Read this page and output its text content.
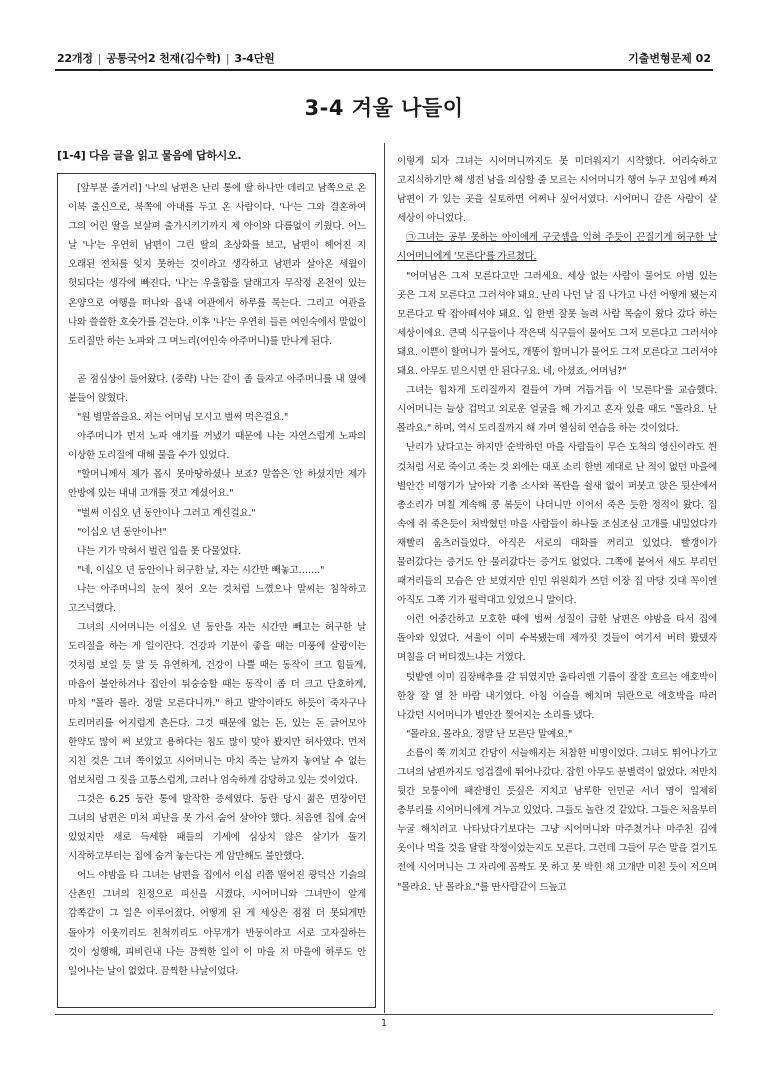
22개정 | 공통국어2 천재(김수학) | 3-4단원	기출변형문제 02
3-4 겨울 나들이
[1-4] 다음 글을 읽고 물음에 답하시오.

[앞부분 줄거리] '나'의 남편은 난리 통에 딸 하나만 데리고 남쪽으로 온 이북 출신으로, 북쪽에 아내를 두고 온 사람이다. '나'는 그와 결혼하여 그의 어린 딸을 보살펴 출가시키기까지 제 아이와 다름없이 키웠다. 어느 날 '나'는 우연히 남편이 그린 딸의 초상화를 보고, 남편이 헤어진 지 오래된 전처를 잊지 못하는 것이라고 생각하고 남편과 살아온 세월이 헛되다는 생각에 빠진다. '나'는 우울함을 달래고자 무작정 온천이 있는 온양으로 여행을 떠나와 읍내 여관에서 하루를 묵는다. 그리고 여관을 나와 쓸쓸한 호숫가를 걷는다. 이후 '나'는 우연히 들른 여인숙에서 말없이 도리질만 하는 노파와 그 며느리(여인숙 아주머니)를 만나게 된다.

곧 점심상이 들어왔다. (중략) 나는 같이 좀 들자고 아주머니를 내 옆에 붙들어 앉혔다.

"원 별말씀을요. 저는 어머님 모시고 벌써 먹은걸요."

아주머니가 먼저 노파 얘기를 꺼냈기 때문에 나는 자연스럽게 노파의 이상한 도리질에 대해 물을 수가 있었다.

"할머니께서 제가 몹시 못마땅하셨나 보죠? 말씀은 안 하셨지만 제가 안방에 있는 내내 고개를 젓고 계셨어요."

"벌써 이십오 년 동안이나 그러고 계신걸요."

"이십오 년 동안이나!"

나는 기가 막혀서 벌린 입을 못 다물었다.

"네, 이십오 년 동안이나 허구한 날, 자는 시간만 빼놓고……."

나는 아주머니의 눈이 젖어 오는 것처럼 느꼈으나 말씨는 침착하고 고즈넉했다.

그녀의 시어머니는 이십오 년 동안을 자는 시간만 빼고는 허구한 날 도리질을 하는 게 일이란다. 건강과 기분이 좋을 때는 미풍에 살랑이는 것처럼 보일 듯 말 듯 유연하게, 건강이 나쁠 때는 동작이 크고 힘들게, 마음이 불안하거나 집안이 뒤숭숭할 때는 동작이 좀 더 크고 단호하게, 마치 "몰라 몰라. 정말 모른다니까." 하고 발악이라도 하듯이 죽자구나 도리머리를 어지럽게 흔든다. 그것 때문에 없는 돈, 있는 돈 긁어모아 한약도 많이 써 보았고 용하다는 침도 많이 맞아 봤지만 허사였다. 먼저 지친 것은 그녀 쪽이었고 시어머니는 마치 죽는 날까지 놓여날 수 없는 업보처럼 그 짓을 고통스럽게, 그러나 엄숙하게 감당하고 있는 것이었다.

그것은 6.25 동란 통에 발작한 증세였다. 동란 당시 젊은 면장이던 그녀의 남편은 미처 피난을 못 가서 숨어 살아야 했다. 처음엔 집에 숨어 있었지만 새로 득세한 패들의 기세에 심상치 않은 살기가 돌기 시작하고부터는 집에 숨겨 놓는다는 게 암만해도 불안했다.

어느 야밤을 타 그녀는 남편을 집에서 이십 리쯤 떨어진 광덕산 기슭의 산촌인 그녀의 친정으로 피신을 시켰다. 시어머니와 그녀만이 알게 감쪽같이 그 일은 이루어졌다. 어떻게 된 게 세상은 점점 더 못되게만 돌아가 이웃끼리도 친척끼리도 아무개가 반동이라고 서로 고자질하는 것이 성행해, 피비린내 나는 끔찍한 일이 이 마을 저 마을에 하루도 안 일어나는 날이 없었다. 끔찍한 나날이었다.

이렇게 되자 그녀는 시어머니까지도 못 미더워지기 시작했다. 어리숙하고 고지식하기만 해 생전 남을 의심할 줄 모르는 시어머니가 행여 누구 꼬임에 빠져 남편이 가 있는 곳을 실토하면 어쩌나 싶어서였다. 시어머니 같은 사람이 살 세상이 아니었다.

㉠그녀는 공부 못하는 아이에게 구굿셈을 익혀 주듯이 끈질기게 허구한 날 시어머니에게 '모른다'를 가르쳤다.

"어머님은 그저 모른다고만 그러세요. 세상 없는 사람이 물어도 아범 있는 곳은 그저 모른다고 그러셔야 돼요. 난리 나던 날 집 나가고 나선 어떻게 됐는지 모른다고 딱 잡아떼셔야 돼요. 입 한번 잘못 놀려 사람 목숨이 왔다 갔다 하는 세상이에요. 큰댁 식구들이나 작은댁 식구들이 물어도 그저 모른다고 그러셔야 돼요. 이쁜이 할머니가 물어도, 개똥이 할머니가 물어도 그저 모른다고 그러셔야 돼요. 아무도 믿으시면 안 된다구요. 네, 아셨죠, 어머님?"

그녀는 힘차게 도리질까지 곁들여 가며 거듭거듭 이 '모른다'를 교습했다. 시어머니는 늘상 겁먹고 외로운 얼굴을 해 가지고 혼자 있을 때도 "몰라요. 난 몰라요." 하며, 역시 도리질까지 해 가며 열심히 연습을 하는 것이었다.

난리가 났다고는 하지만 순박하던 마을 사람들이 무슨 도척의 영신이라도 씐 것처럼 서로 죽이고 죽는 것 외에는 대포 소리 한번 제대로 난 적이 없던 마을에 별안간 비행기가 날아와 기총 소사와 폭탄을 쉴새 없이 퍼붓고 앉은 뒷산에서 총소리가 며칠 계속해 콩 볶듯이 나더니만 이어서 죽은 듯한 정적이 왔다. 집 속에 쥐 죽은듯이 처박혔던 마을 사람들이 하나둘 조심조심 고개를 내밀었다가 재빨리 움츠러들었다. 아직은 서로의 대화를 꺼리고 있었다. 빨갱이가 물러갔다는 증거도 안 물러갔다는 증거도 없었다. 그쪽에 붙어서 세도 부리던 패거리들의 모습은 안 보였지만 인민 위원회가 쓰던 이장 집 마당 깃대 꼭이엔 아직도 그쪽 기가 펄럭대고 있었으니 말이다.

이런 어중간하고 모호한 때에 벌써 성질이 급한 남편은 야밤을 타서 집에 돌아와 있었다. 서울이 이미 수복됐는데 제까짓 것들이 여기서 버텨 봤댔자 며칠을 더 버티겠느냐는 거였다.

텃밭엔 이미 김장배추를 갈 뒤였지만 울타리엔 기름이 잘잘 흐르는 애호박이 한창 잘 열 찬 바람 내기였다. 아침 이슬을 헤치며 뒤란으로 애호박을 따러 나갔던 시어머니가 별안간 찢어지는 소리를 냈다.

"몰라요. 몰라요. 정말 난 모른단 말예요."

소름이 쭉 끼치고 간담이 서늘해지는 처참한 비명이었다. 그녀도 뛰어나가고 그녀의 남편까지도 엉겁결에 뛰어나갔다. 잡힌 아무도 분별력이 없었다. 저만치 뒷간 모퉁이에 패잔병인 듯싶은 지치고 남루한 인민군 서너 명이 일제히 총부리를 시어머니에게 겨누고 있었다. 그들도 놀란 것 같았다. 그들은 처음부터 누굴 해치러고 나타났다기보다는 그냥 시어머니와 마주쳤거나 마주친 김에 옷이나 먹을 것을 달랄 작정이었는지도 모른다. 그런데 그들이 무슨 말을 걸기도 전에 시어머니는 그 자리에 꼼짝도 못 하고 못 박힌 채 고개만 미친 듯이 저으며 "몰라요. 난 몰라요."를 딴사람같이 드높고

1
